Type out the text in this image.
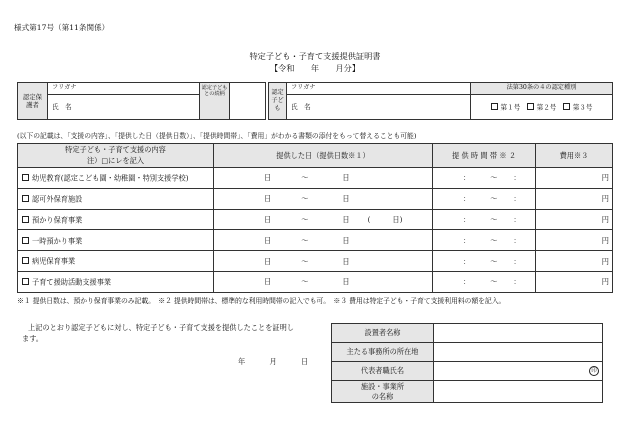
様式第17号（第11条関係）
特定子ども・子育て支援提供証明書
【令和　　年　　月分】
認定保護者	フリガナ		認定子どもとの続柄	
	氏　名			
認定子ども	フリガナ		法第30条の４の認定種別
	氏　名		第１号 第２号 第３号
(以下の記載は、「支援の内容」、「提供した日（提供日数）」、「提供時間帯」、「費用」がわかる書類の添付をもって替えることも可能)
特定子ども・子育て支援の内容
注）□にレを記入	提供した日（提供日数※１）	提 供 時 間 帯 ※ ２	費用※３
幼児教育(認定こども園・幼稚園・特別支援学校)	日 〜 日	： 〜 ：	円
認可外保育施設	日 〜 日	： 〜 ：	円
預かり保育事業	日 〜 日 ( 日)	： 〜 ：	円
一時預かり事業	日 〜 日	： 〜 ：	円
病児保育事業	日 〜 日	： 〜 ：	円
子育て援助活動支援事業	日 〜 日	： 〜 ：	円
※１ 提供日数は、預かり保育事業のみ記載。　※２ 提供時間帯は、標準的な利用時間帯の記入でも可。　※３ 費用は特定子ども・子育て支援利用料の額を記入。
上記のとおり認定子どもに対し、特定子ども・子育て支援を提供したことを証明し
ます。
年	月	日
設置者名称	
主たる事務所の所在地	
代表者職氏名	印
施設・事業所
の名称	
